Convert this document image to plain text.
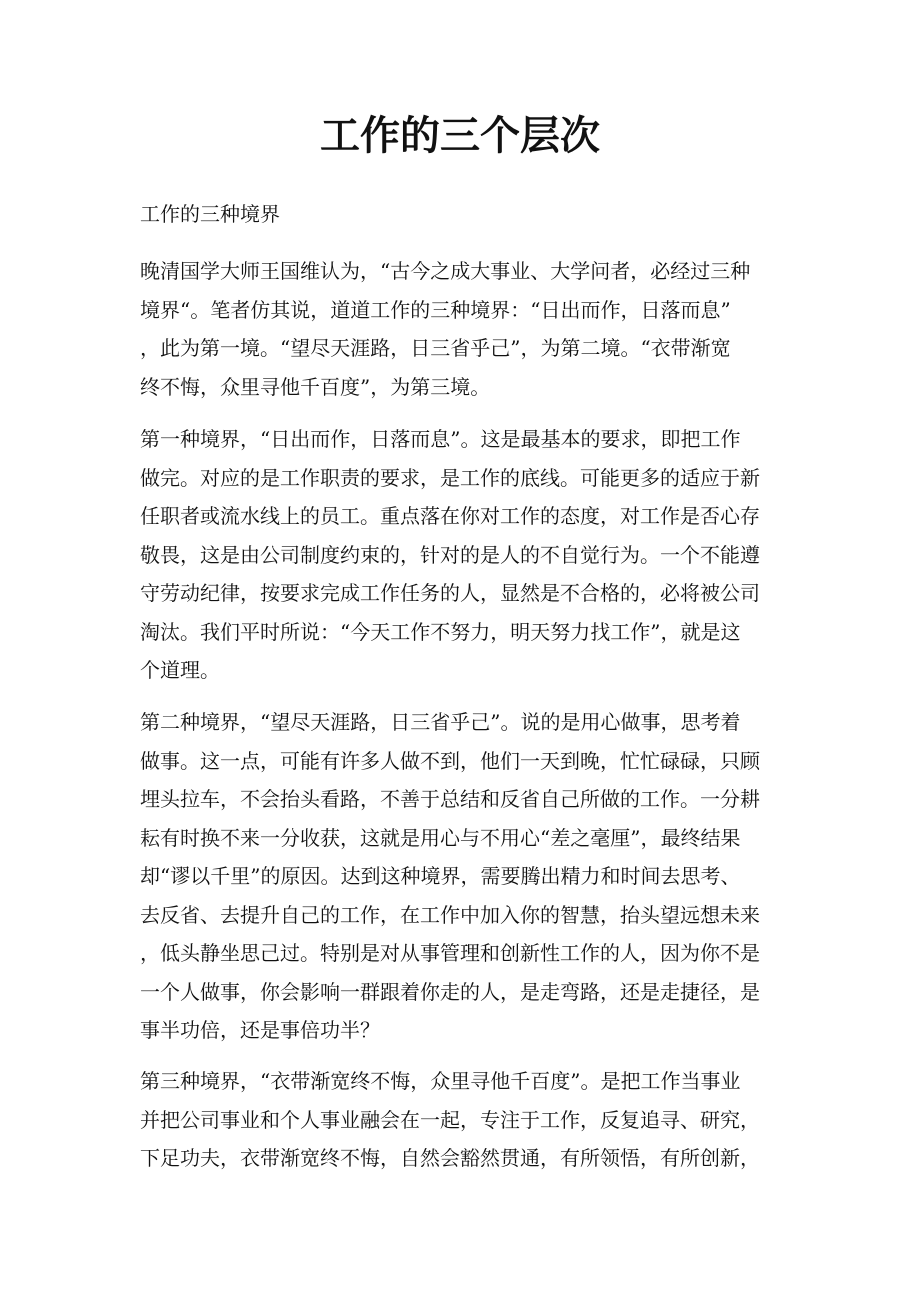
工作的三个层次

工作的三种境界

晚清国学大师王国维认为，“古今之成大事业、大学问者，必经过三种
境界“。笔者仿其说，道道工作的三种境界：“日出而作，日落而息”
，此为第一境。“望尽天涯路，日三省乎己”，为第二境。“衣带渐宽
终不悔，众里寻他千百度”，为第三境。

第一种境界，“日出而作，日落而息”。这是最基本的要求，即把工作
做完。对应的是工作职责的要求，是工作的底线。可能更多的适应于新
任职者或流水线上的员工。重点落在你对工作的态度，对工作是否心存
敬畏，这是由公司制度约束的，针对的是人的不自觉行为。一个不能遵
守劳动纪律，按要求完成工作任务的人，显然是不合格的，必将被公司
淘汰。我们平时所说：“今天工作不努力，明天努力找工作”，就是这
个道理。

第二种境界，“望尽天涯路，日三省乎己”。说的是用心做事，思考着
做事。这一点，可能有许多人做不到，他们一天到晚，忙忙碌碌，只顾
埋头拉车，不会抬头看路，不善于总结和反省自己所做的工作。一分耕
耘有时换不来一分收获，这就是用心与不用心“差之毫厘”，最终结果
却“谬以千里”的原因。达到这种境界，需要腾出精力和时间去思考、
去反省、去提升自己的工作，在工作中加入你的智慧，抬头望远想未来
，低头静坐思己过。特别是对从事管理和创新性工作的人，因为你不是
一个人做事，你会影响一群跟着你走的人，是走弯路，还是走捷径，是
事半功倍，还是事倍功半？

第三种境界，“衣带渐宽终不悔，众里寻他千百度”。是把工作当事业
并把公司事业和个人事业融会在一起，专注于工作，反复追寻、研究，
下足功夫，衣带渐宽终不悔，自然会豁然贯通，有所领悟，有所创新，
